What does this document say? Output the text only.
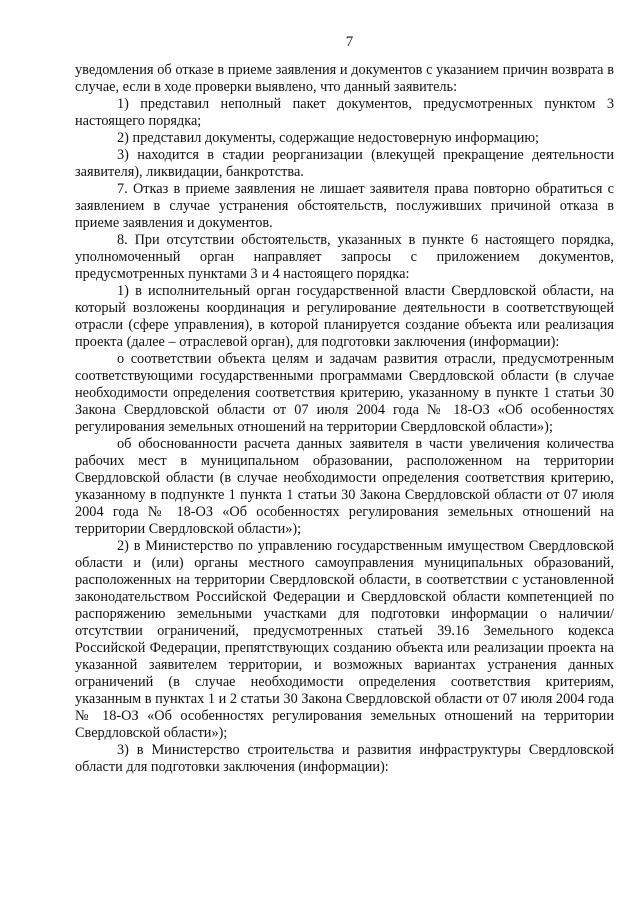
7

уведомления об отказе в приеме заявления и документов с указанием причин возврата в случае, если в ходе проверки выявлено, что данный заявитель:

1) представил неполный пакет документов, предусмотренных пунктом 3 настоящего порядка;

2) представил документы, содержащие недостоверную информацию;

3) находится в стадии реорганизации (влекущей прекращение деятельности заявителя), ликвидации, банкротства.

7. Отказ в приеме заявления не лишает заявителя права повторно обратиться с заявлением в случае устранения обстоятельств, послуживших причиной отказа в приеме заявления и документов.

8. При отсутствии обстоятельств, указанных в пункте 6 настоящего порядка, уполномоченный орган направляет запросы с приложением документов, предусмотренных пунктами 3 и 4 настоящего порядка:

1) в исполнительный орган государственной власти Свердловской области, на который возложены координация и регулирование деятельности в соответствующей отрасли (сфере управления), в которой планируется создание объекта или реализация проекта (далее – отраслевой орган), для подготовки заключения (информации):

о соответствии объекта целям и задачам развития отрасли, предусмотренным соответствующими государственными программами Свердловской области (в случае необходимости определения соответствия критерию, указанному в пункте 1 статьи 30 Закона Свердловской области от 07 июля 2004 года № 18-ОЗ «Об особенностях регулирования земельных отношений на территории Свердловской области»);

об обоснованности расчета данных заявителя в части увеличения количества рабочих мест в муниципальном образовании, расположенном на территории Свердловской области (в случае необходимости определения соответствия критерию, указанному в подпункте 1 пункта 1 статьи 30 Закона Свердловской области от 07 июля 2004 года № 18-ОЗ «Об особенностях регулирования земельных отношений на территории Свердловской области»);

2) в Министерство по управлению государственным имуществом Свердловской области и (или) органы местного самоуправления муниципальных образований, расположенных на территории Свердловской области, в соответствии с установленной законодательством Российской Федерации и Свердловской области компетенцией по распоряжению земельными участками для подготовки информации о наличии/отсутствии ограничений, предусмотренных статьей 39.16 Земельного кодекса Российской Федерации, препятствующих созданию объекта или реализации проекта на указанной заявителем территории, и возможных вариантах устранения данных ограничений (в случае необходимости определения соответствия критериям, указанным в пунктах 1 и 2 статьи 30 Закона Свердловской области от 07 июля 2004 года № 18-ОЗ «Об особенностях регулирования земельных отношений на территории Свердловской области»);

3) в Министерство строительства и развития инфраструктуры Свердловской области для подготовки заключения (информации):
